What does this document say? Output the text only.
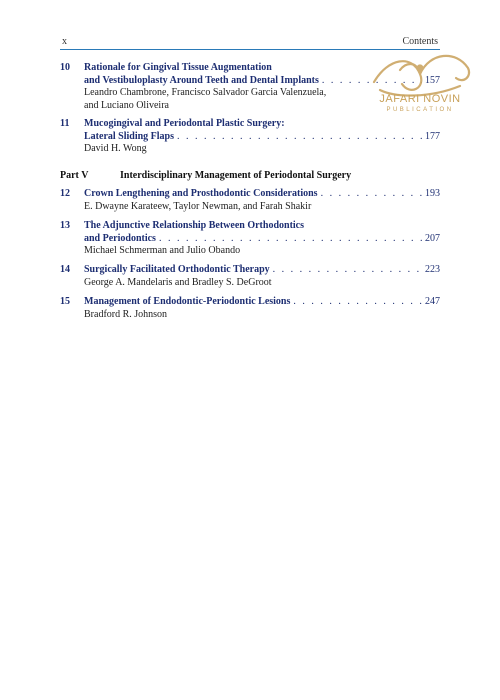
x	Contents
10	Rationale for Gingival Tissue Augmentation
and Vestibuloplasty Around Teeth and Dental Implants . . .	157
Leandro Chambrone, Francisco Salvador Garcia Valenzuela,
and Luciano Oliveira
11	Mucogingival and Periodontal Plastic Surgery:
Lateral Sliding Flaps . . .	177
David H. Wong
Part V	Interdisciplinary Management of Periodontal Surgery
12	Crown Lengthening and Prosthodontic Considerations . . .	193
E. Dwayne Karateew, Taylor Newman, and Farah Shakir
13	The Adjunctive Relationship Between Orthodontics
and Periodontics . . .	207
Michael Schmerman and Julio Obando
14	Surgically Facilitated Orthodontic Therapy . . .	223
George A. Mandelaris and Bradley S. DeGroot
15	Management of Endodontic-Periodontic Lesions . . .	247
Bradford R. Johnson
JAFARI NOVIN
PUBLICATION
